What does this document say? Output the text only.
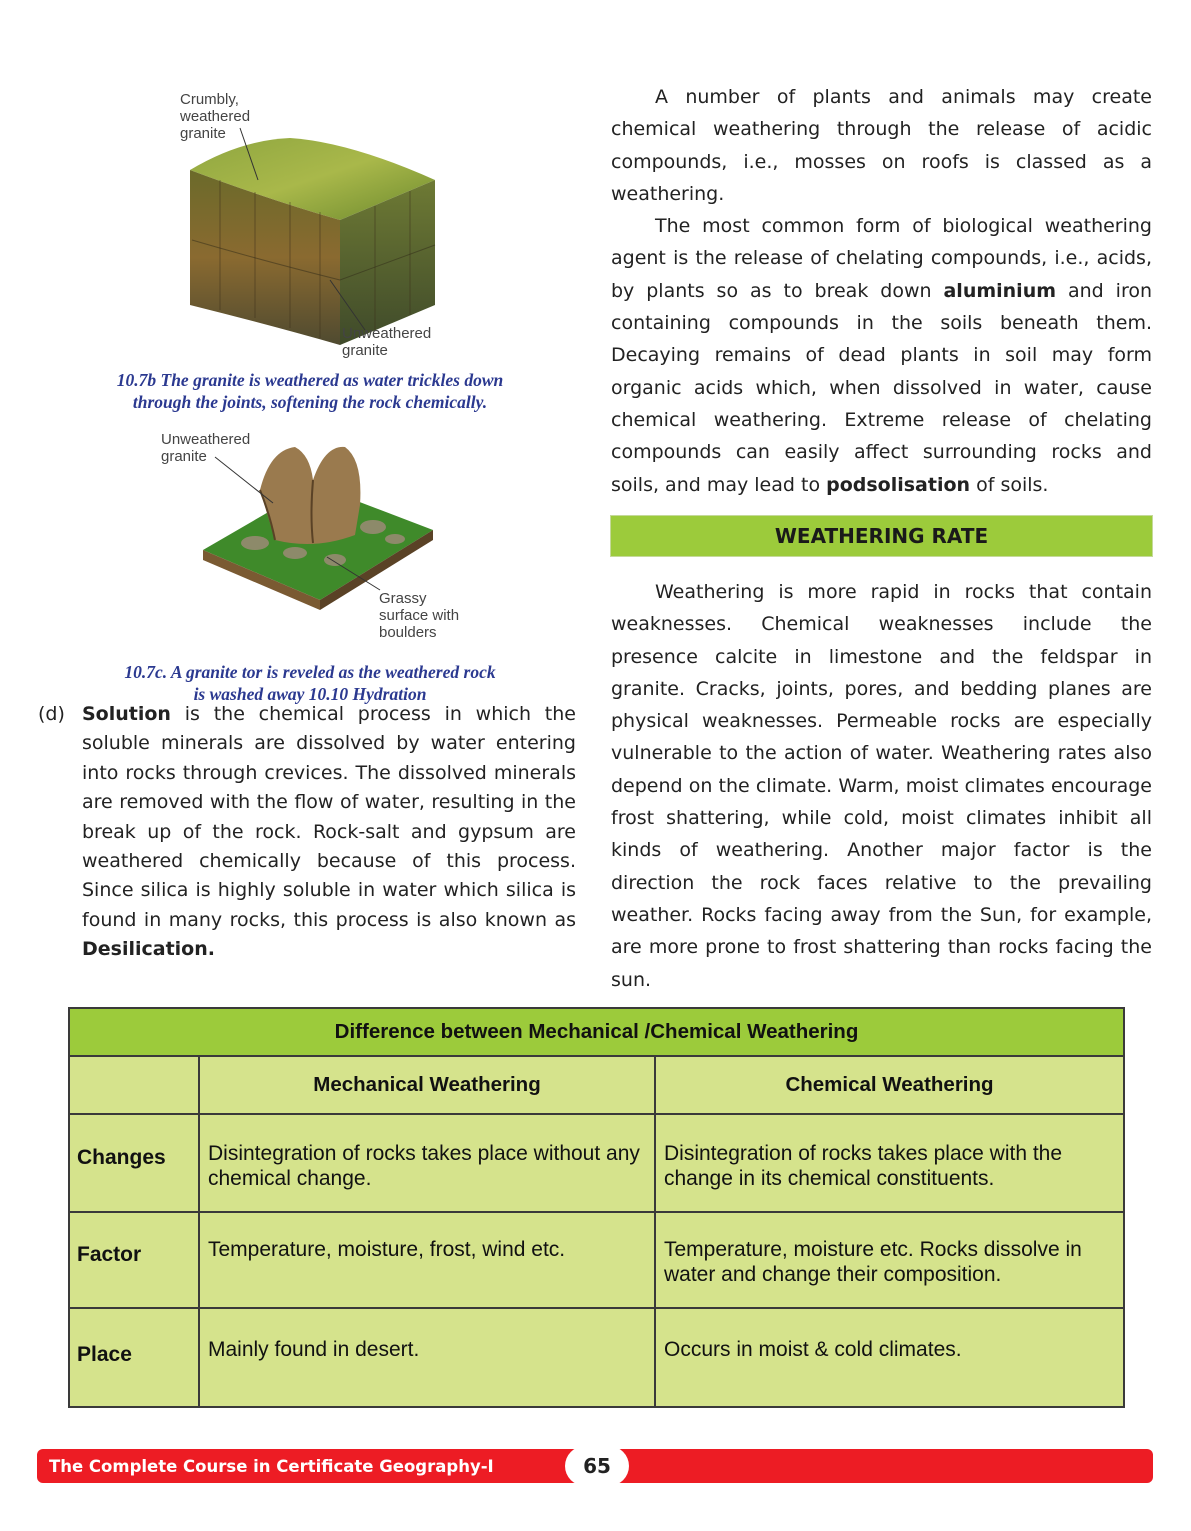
Crumbly,
weathered
granite
Unweathered
granite
10.7b The granite is weathered as water trickles down
through the joints, softening the rock chemically.
Unweathered
granite
Grassy
surface with
boulders
10.7c. A granite tor is reveled as the weathered rock
is washed away 10.10 Hydration
(d) Solution is the chemical process in which the soluble minerals are dissolved by water entering into rocks through crevices. The dissolved minerals are removed with the flow of water, resulting in the break up of the rock. Rock-salt and gypsum are weathered chemically because of this process. Since silica is highly soluble in water which silica is found in many rocks, this process is also known as Desilication.

A number of plants and animals may create chemical weathering through the release of acidic compounds, i.e., mosses on roofs is classed as a weathering.

The most common form of biological weathering agent is the release of chelating compounds, i.e., acids, by plants so as to break down aluminium and iron containing compounds in the soils beneath them. Decaying remains of dead plants in soil may form organic acids which, when dissolved in water, cause chemical weathering. Extreme release of chelating compounds can easily affect surrounding rocks and soils, and may lead to podsolisation of soils.

WEATHERING RATE

Weathering is more rapid in rocks that contain weaknesses. Chemical weaknesses include the presence calcite in limestone and the feldspar in granite. Cracks, joints, pores, and bedding planes are physical weaknesses. Permeable rocks are especially vulnerable to the action of water. Weathering rates also depend on the climate. Warm, moist climates encourage frost shattering, while cold, moist climates inhibit all kinds of weathering. Another major factor is the direction the rock faces relative to the prevailing weather. Rocks facing away from the Sun, for example, are more prone to frost shattering than rocks facing the sun.

Difference between Mechanical /Chemical Weathering		
	Mechanical Weathering	Chemical Weathering
Changes	Disintegration of rocks takes place without any chemical change.	Disintegration of rocks takes place with the change in its chemical constituents.
Factor	Temperature, moisture, frost, wind etc.	Temperature, moisture etc. Rocks dissolve in water and change their composition.
Place	Mainly found in desert.	Occurs in moist & cold climates.
The Complete Course in Certificate Geography-I	65
